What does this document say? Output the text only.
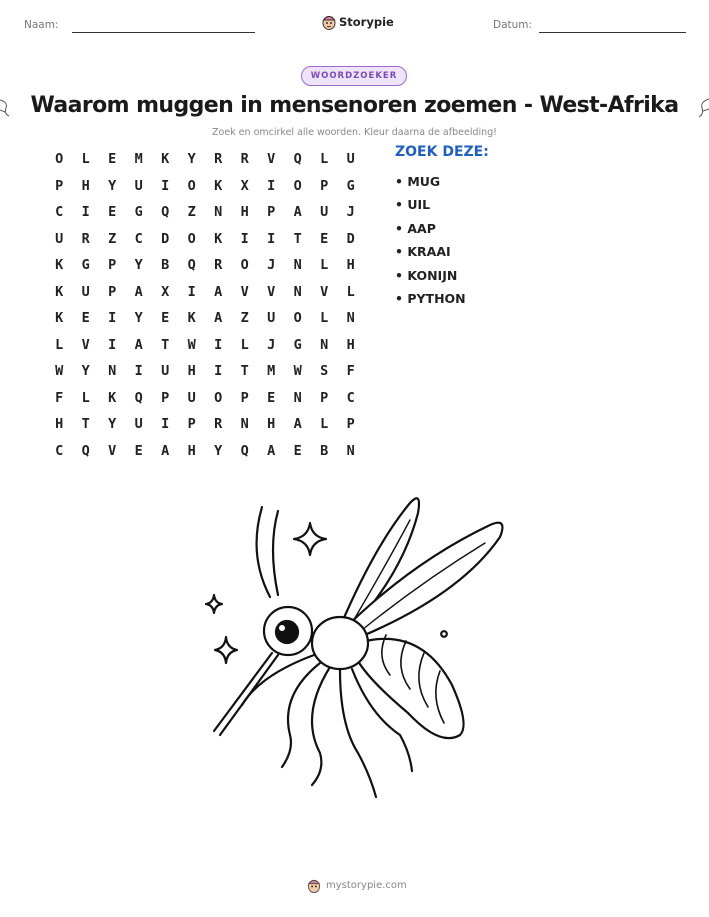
Naam:	Storypie	Datum:
WOORDZOEKER
Waarom muggen in mensenoren zoemen - West-Afrika
Zoek en omcirkel alle woorden. Kleur daarna de afbeelding!
O	L	E	M	K	Y	R	R	V	Q	L	U
P	H	Y	U	I	O	K	X	I	O	P	G
C	I	E	G	Q	Z	N	H	P	A	U	J
U	R	Z	C	D	O	K	I	I	T	E	D
K	G	P	Y	B	Q	R	O	J	N	L	H
K	U	P	A	X	I	A	V	V	N	V	L
K	E	I	Y	E	K	A	Z	U	O	L	N
L	V	I	A	T	W	I	L	J	G	N	H
W	Y	N	I	U	H	I	T	M	W	S	F
F	L	K	Q	P	U	O	P	E	N	P	C
H	T	Y	U	I	P	R	N	H	A	L	P
C	Q	V	E	A	H	Y	Q	A	E	B	N
ZOEK DEZE:
• MUG
• UIL
• AAP
• KRAAI
• KONIJN
• PYTHON
mystorypie.com
